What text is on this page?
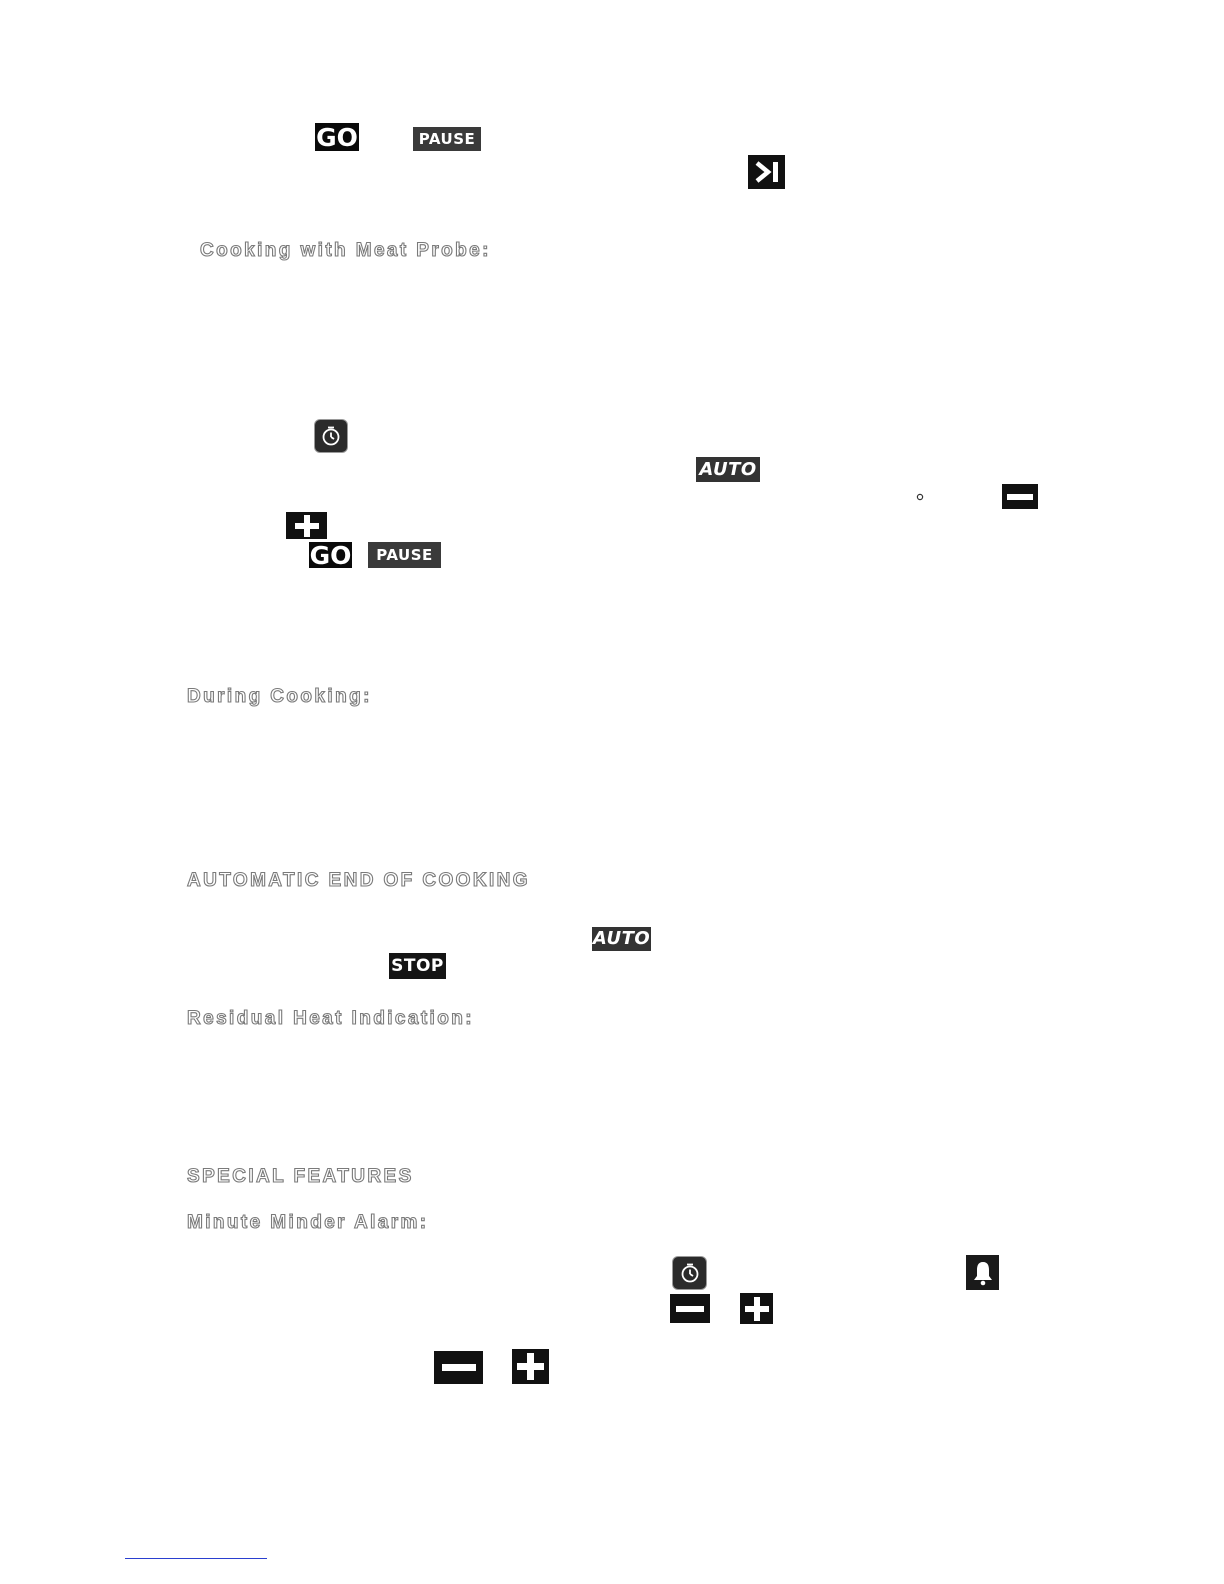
GO	PAUSE
Cooking with Meat Probe:
AUTO
GO	PAUSE
During Cooking:
AUTOMATIC END OF COOKING
AUTO
STOP
Residual Heat Indication:
SPECIAL FEATURES
Minute Minder Alarm:
